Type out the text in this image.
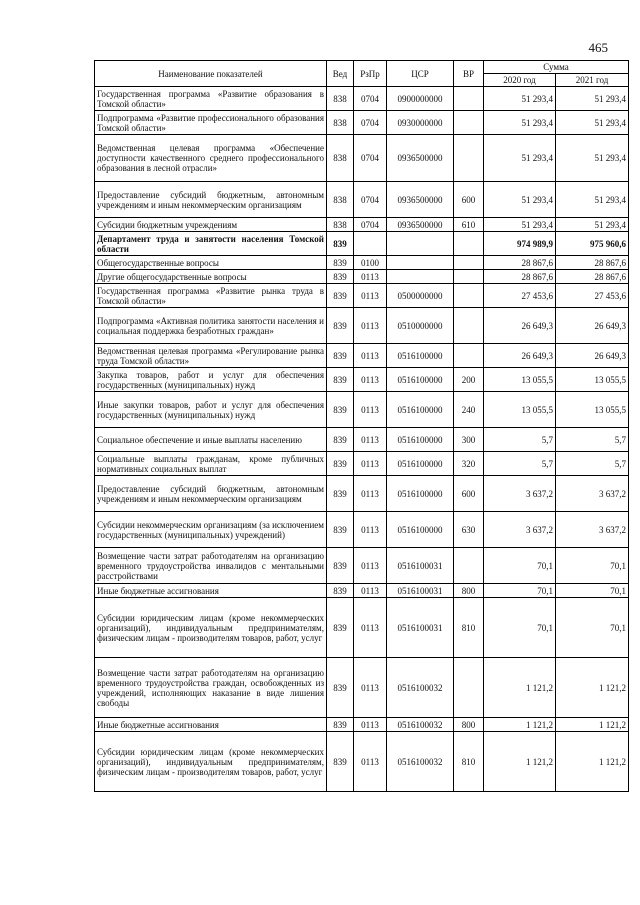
465
Наименование показателей	Вед	РзПр	ЦСР	ВР	Сумма	
					2020 год	2021 год
Государственная программа «Развитие образования в Томской области»	838	0704	0900000000		51 293,4	51 293,4
Подпрограмма «Развитие профессионального образования Томской области»	838	0704	0930000000		51 293,4	51 293,4
Ведомственная целевая программа «Обеспечение доступности качественного среднего профессионального образования в лесной отрасли»	838	0704	0936500000		51 293,4	51 293,4
Предоставление субсидий бюджетным, автономным учреждениям и иным некоммерческим организациям	838	0704	0936500000	600	51 293,4	51 293,4
Субсидии бюджетным учреждениям	838	0704	0936500000	610	51 293,4	51 293,4
Департамент труда и занятости населения Томской области	839				974 989,9	975 960,6
Общегосударственные вопросы	839	0100			28 867,6	28 867,6
Другие общегосударственные вопросы	839	0113			28 867,6	28 867,6
Государственная программа «Развитие рынка труда в Томской области»	839	0113	0500000000		27 453,6	27 453,6
Подпрограмма «Активная политика занятости населения и социальная поддержка безработных граждан»	839	0113	0510000000		26 649,3	26 649,3
Ведомственная целевая программа «Регулирование рынка труда Томской области»	839	0113	0516100000		26 649,3	26 649,3
Закупка товаров, работ и услуг для обеспечения государственных (муниципальных) нужд	839	0113	0516100000	200	13 055,5	13 055,5
Иные закупки товаров, работ и услуг для обеспечения государственных (муниципальных) нужд	839	0113	0516100000	240	13 055,5	13 055,5
Социальное обеспечение и иные выплаты населению	839	0113	0516100000	300	5,7	5,7
Социальные выплаты гражданам, кроме публичных нормативных социальных выплат	839	0113	0516100000	320	5,7	5,7
Предоставление субсидий бюджетным, автономным учреждениям и иным некоммерческим организациям	839	0113	0516100000	600	3 637,2	3 637,2
Субсидии некоммерческим организациям (за исключением государственных (муниципальных) учреждений)	839	0113	0516100000	630	3 637,2	3 637,2
Возмещение части затрат работодателям на организацию временного трудоустройства инвалидов с ментальными расстройствами	839	0113	0516100031		70,1	70,1
Иные бюджетные ассигнования	839	0113	0516100031	800	70,1	70,1
Субсидии юридическим лицам (кроме некоммерческих организаций), индивидуальным предпринимателям, физическим лицам - производителям товаров, работ, услуг	839	0113	0516100031	810	70,1	70,1
Возмещение части затрат работодателям на организацию временного трудоустройства граждан, освобожденных из учреждений, исполняющих наказание в виде лишения свободы	839	0113	0516100032		1 121,2	1 121,2
Иные бюджетные ассигнования	839	0113	0516100032	800	1 121,2	1 121,2
Субсидии юридическим лицам (кроме некоммерческих организаций), индивидуальным предпринимателям, физическим лицам - производителям товаров, работ, услуг	839	0113	0516100032	810	1 121,2	1 121,2
